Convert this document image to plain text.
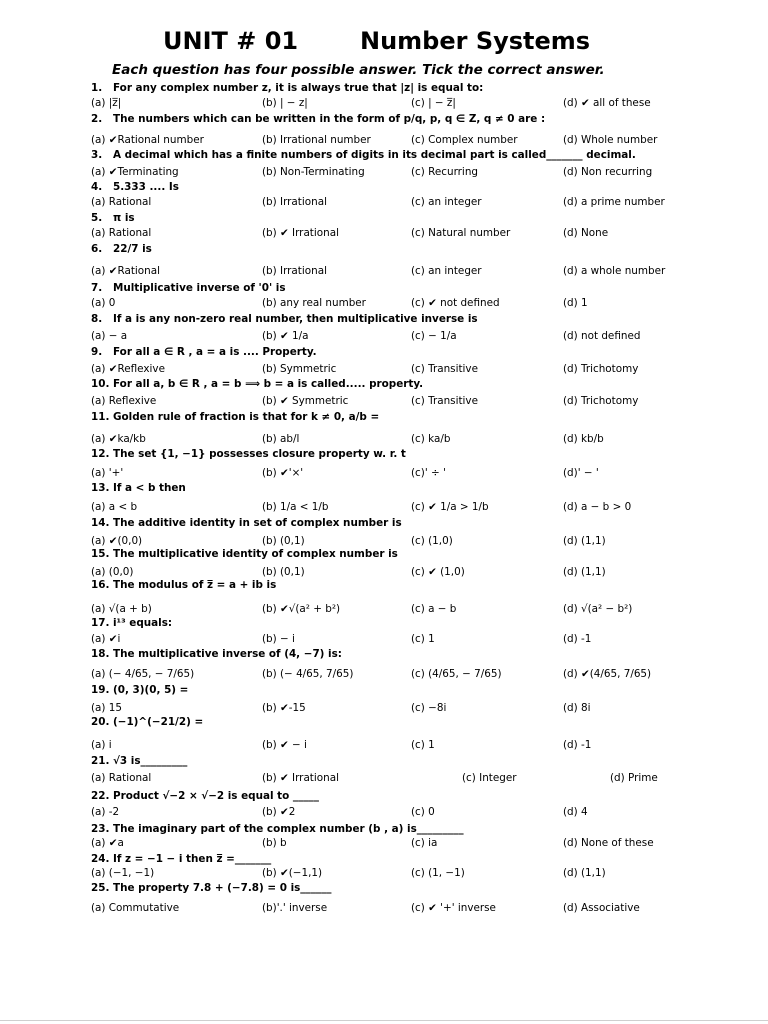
UNIT # 01	Number Systems
Each question has four possible answer. Tick the correct answer.
1. For any complex number z, it is always true that |z| is equal to:
(a) |z̅|	(b) | − z|	(c) | − z̅|	(d) ✔ all of these
2. The numbers which can be written in the form of p/q, p, q ∈ Z, q ≠ 0 are :
(a) ✔Rational number	(b) Irrational number	(c) Complex number	(d) Whole number
3. A decimal which has a finite numbers of digits in its decimal part is called_______ decimal.
(a) ✔Terminating	(b) Non-Terminating	(c) Recurring	(d) Non recurring
4. 5.333 .... Is
(a) Rational	(b) Irrational	(c) an integer	(d) a prime number
5. π is
(a) Rational	(b) ✔ Irrational	(c) Natural number	(d) None
6. 22/7 is
(a) ✔Rational	(b) Irrational	(c) an integer	(d) a whole number
7. Multiplicative inverse of '0' is
(a) 0	(b) any real number	(c) ✔ not defined	(d) 1
8. If a is any non-zero real number, then multiplicative inverse is
(a) − a	(b) ✔ 1/a	(c) − 1/a	(d) not defined
9. For all a ∈ R , a = a is .... Property.
(a) ✔Reflexive	(b) Symmetric	(c) Transitive	(d) Trichotomy
10. For all a, b ∈ R , a = b ⟹ b = a is called..... property.
(a) Reflexive	(b) ✔ Symmetric	(c) Transitive	(d) Trichotomy
11. Golden rule of fraction is that for k ≠ 0, a/b =
(a) ✔ka/kb	(b) ab/l	(c) ka/b	(d) kb/b
12. The set {1, −1} possesses closure property w. r. t
(a) '+'	(b) ✔'×'	(c)' ÷ '	(d)' − '
13. If a < b then
(a) a < b	(b) 1/a < 1/b	(c) ✔ 1/a > 1/b	(d) a − b > 0
14. The additive identity in set of complex number is
(a) ✔(0,0)	(b) (0,1)	(c) (1,0)	(d) (1,1)
15. The multiplicative identity of complex number is
(a) (0,0)	(b) (0,1)	(c) ✔ (1,0)	(d) (1,1)
16. The modulus of z̅ = a + ib is
(a) √(a + b)	(b) ✔√(a² + b²)	(c) a − b	(d) √(a² − b²)
17. i¹³ equals:
(a) ✔i	(b) − i	(c) 1	(d) -1
18. The multiplicative inverse of (4, −7) is:
(a) (− 4/65, − 7/65)	(b) (− 4/65, 7/65)	(c) (4/65, − 7/65)	(d) ✔(4/65, 7/65)
19. (0, 3)(0, 5) =
(a) 15	(b) ✔-15	(c) −8i	(d) 8i
20. (−1)^(−21/2) =
(a) i	(b) ✔ − i	(c) 1	(d) -1
21. √3 is_________
(a) Rational	(b) ✔ Irrational	(c) Integer	(d) Prime
22. Product √−2 × √−2 is equal to _____
(a) -2	(b) ✔2	(c) 0	(d) 4
23. The imaginary part of the complex number (b , a) is_________
(a) ✔a	(b) b	(c) ia	(d) None of these
24. If z = −1 − i then z̅ =_______
(a) (−1, −1)	(b) ✔(−1,1)	(c) (1, −1)	(d) (1,1)
25. The property 7.8 + (−7.8) = 0 is______
(a) Commutative	(b)'.' inverse	(c) ✔ '+' inverse	(d) Associative
